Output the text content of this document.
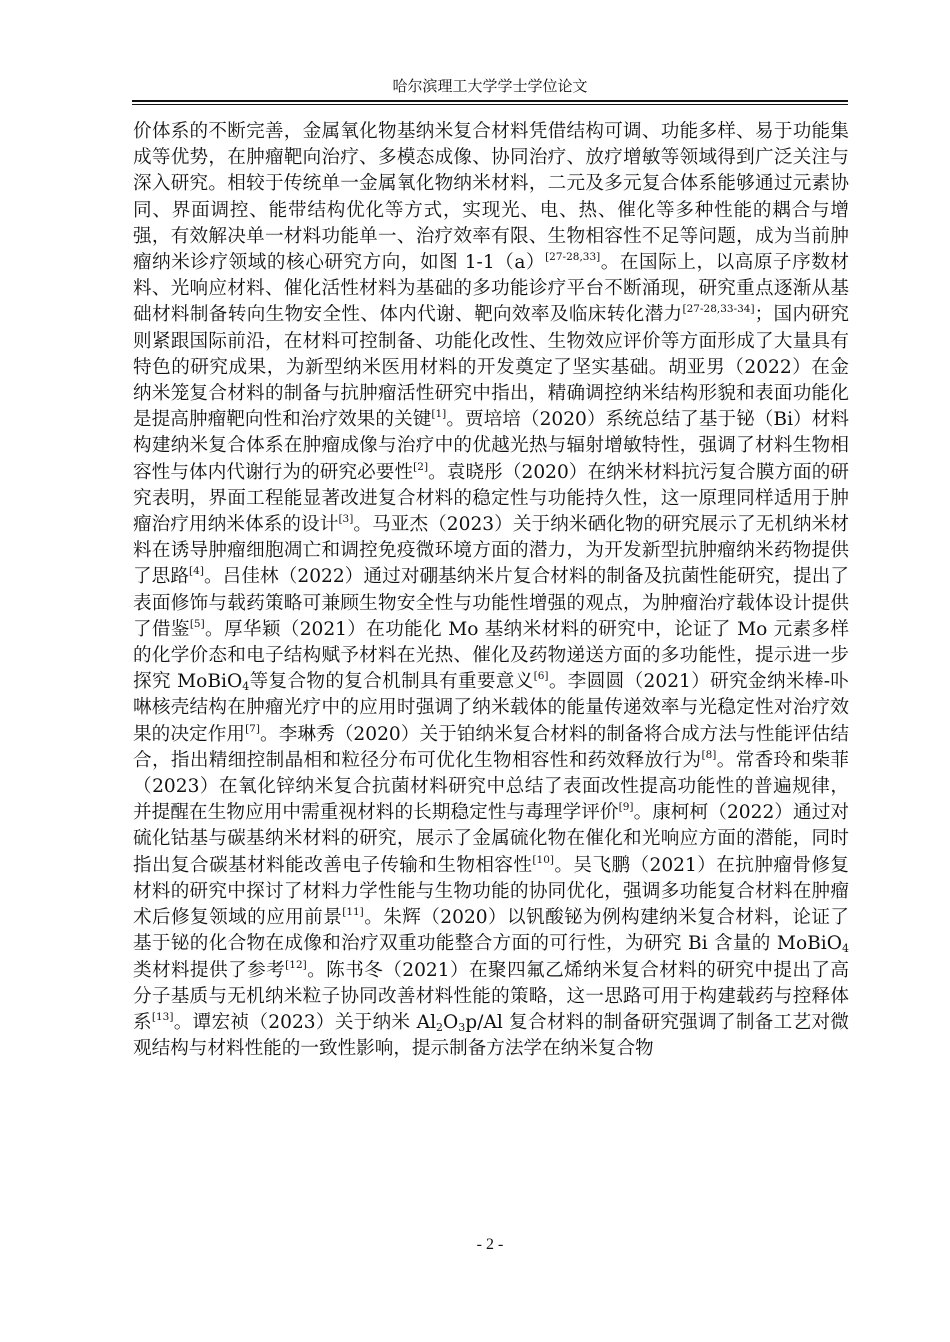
哈尔滨理工大学学士学位论文

价体系的不断完善，金属氧化物基纳米复合材料凭借结构可调、功能多样、易于功能集成等优势，在肿瘤靶向治疗、多模态成像、协同治疗、放疗增敏等领域得到广泛关注与深入研究。相较于传统单一金属氧化物纳米材料，二元及多元复合体系能够通过元素协同、界面调控、能带结构优化等方式，实现光、电、热、催化等多种性能的耦合与增强，有效解决单一材料功能单一、治疗效率有限、生物相容性不足等问题，成为当前肿瘤纳米诊疗领域的核心研究方向，如图 1-1（a）[27-28,33]。在国际上，以高原子序数材料、光响应材料、催化活性材料为基础的多功能诊疗平台不断涌现，研究重点逐渐从基础材料制备转向生物安全性、体内代谢、靶向效率及临床转化潜力[27-28,33-34]；国内研究则紧跟国际前沿，在材料可控制备、功能化改性、生物效应评价等方面形成了大量具有特色的研究成果，为新型纳米医用材料的开发奠定了坚实基础。胡亚男（2022）在金纳米笼复合材料的制备与抗肿瘤活性研究中指出，精确调控纳米结构形貌和表面功能化是提高肿瘤靶向性和治疗效果的关键[1]。贾培培（2020）系统总结了基于铋（Bi）材料构建纳米复合体系在肿瘤成像与治疗中的优越光热与辐射增敏特性，强调了材料生物相容性与体内代谢行为的研究必要性[2]。袁晓彤（2020）在纳米材料抗污复合膜方面的研究表明，界面工程能显著改进复合材料的稳定性与功能持久性，这一原理同样适用于肿瘤治疗用纳米体系的设计[3]。马亚杰（2023）关于纳米硒化物的研究展示了无机纳米材料在诱导肿瘤细胞凋亡和调控免疫微环境方面的潜力，为开发新型抗肿瘤纳米药物提供了思路[4]。吕佳林（2022）通过对硼基纳米片复合材料的制备及抗菌性能研究，提出了表面修饰与载药策略可兼顾生物安全性与功能性增强的观点，为肿瘤治疗载体设计提供了借鉴[5]。厚华颖（2021）在功能化 Mo 基纳米材料的研究中，论证了 Mo 元素多样的化学价态和电子结构赋予材料在光热、催化及药物递送方面的多功能性，提示进一步探究 MoBiO$_4$等复合物的复合机制具有重要意义[6]。李圆圆（2021）研究金纳米棒-卟啉核壳结构在肿瘤光疗中的应用时强调了纳米载体的能量传递效率与光稳定性对治疗效果的决定作用[7]。李琳秀（2020）关于铂纳米复合材料的制备将合成方法与性能评估结合，指出精细控制晶相和粒径分布可优化生物相容性和药效释放行为[8]。常香玲和柴菲（2023）在氧化锌纳米复合抗菌材料研究中总结了表面改性提高功能性的普遍规律，并提醒在生物应用中需重视材料的长期稳定性与毒理学评价[9]。康柯柯（2022）通过对硫化钴基与碳基纳米材料的研究，展示了金属硫化物在催化和光响应方面的潜能，同时指出复合碳基材料能改善电子传输和生物相容性[10]。吴飞鹏（2021）在抗肿瘤骨修复材料的研究中探讨了材料力学性能与生物功能的协同优化，强调多功能复合材料在肿瘤术后修复领域的应用前景[11]。朱辉（2020）以钒酸铋为例构建纳米复合材料，论证了基于铋的化合物在成像和治疗双重功能整合方面的可行性，为研究 Bi 含量的 MoBiO$_4$类材料提供了参考[12]。陈书冬（2021）在聚四氟乙烯纳米复合材料的研究中提出了高分子基质与无机纳米粒子协同改善材料性能的策略，这一思路可用于构建载药与控释体系[13]。谭宏祯（2023）关于纳米 $Al_2O_3p/Al$ 复合材料的制备研究强调了制备工艺对微观结构与材料性能的一致性影响，提示制备方法学在纳米复合物

- 2 -
